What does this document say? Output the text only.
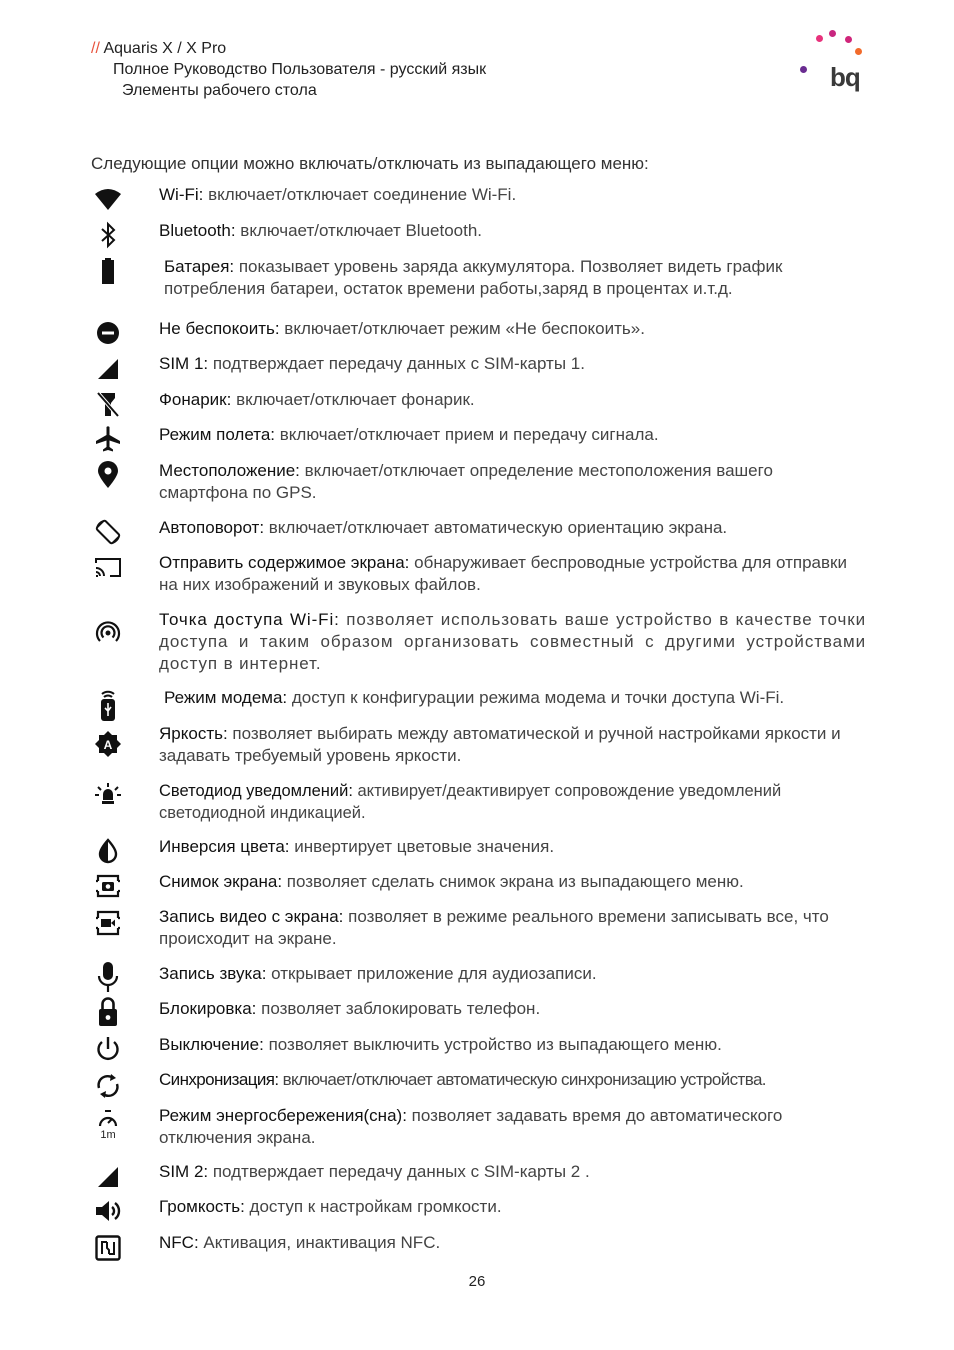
// Aquaris X / X Pro
Полное Руководство Пользователя - русский язык
Элементы рабочего стола	bq
Следующие опции можно включать/отключать из выпадающего меню:
Wi-Fi: включает/отключает соединение Wi-Fi.
Bluetooth: включает/отключает Bluetooth.
Батарея: показывает уровень заряда аккумулятора. Позволяет видеть график потребления батареи, остаток времени работы,заряд в процентах и.т.д.
Не беспокоить: включает/отключает режим «Не беспокоить».
SIM 1: подтверждает передачу данных с SIM-карты 1.
Фонарик: включает/отключает фонарик.
Режим полета: включает/отключает прием и передачу сигнала.
Местоположение: включает/отключает определение местоположения вашего смартфона по GPS.
Автоповорот: включает/отключает автоматическую ориентацию экрана.
Отправить содержимое экрана: обнаруживает беспроводные устройства для отправки на них изображений и звуковых файлов.
Точка доступа Wi-Fi: позволяет использовать ваше устройство в качестве точки доступа и таким образом организовать совместный с другими устройствами доступ в интернет.
Режим модема: доступ к конфигурации режима модема и точки доступа Wi-Fi.
A
Яркость: позволяет выбирать между автоматической и ручной настройками яркости и задавать требуемый уровень яркости.
Светодиод уведомлений: активирует/деактивирует сопровождение уведомлений светодиодной индикацией.
Инверсия цвета: инвертирует цветовые значения.
Снимок экрана: позволяет сделать снимок экрана из выпадающего меню.
Запись видео с экрана: позволяет в режиме реального времени записывать все, что происходит на экране.
Запись звука: открывает приложение для аудиозаписи.
Блокировка: позволяет заблокировать телефон.
Выключение: позволяет выключить устройство из выпадающего меню.
Синхронизация: включает/отключает автоматическую синхронизацию устройства.
1m
Режим энергосбережения(сна): позволяет задавать время до автоматического отключения экрана.
SIM 2: подтверждает передачу данных с SIM-карты 2 .
Громкость: доступ к настройкам громкости.
NFC: Активация, инактивация NFC.
26
